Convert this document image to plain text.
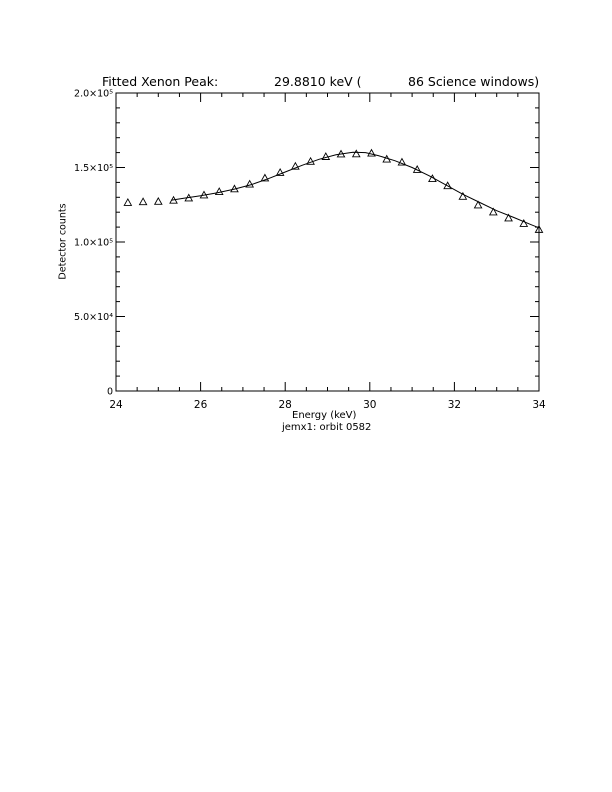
24	26	28	30	32	34
0
5.0×10⁴
1.0×10⁵
1.5×10⁵
2.0×10⁵

Fitted Xenon Peak:

	29.8810 keV (

	86 Science windows)

Detector counts
Energy (keV)
jemx1: orbit 0582
